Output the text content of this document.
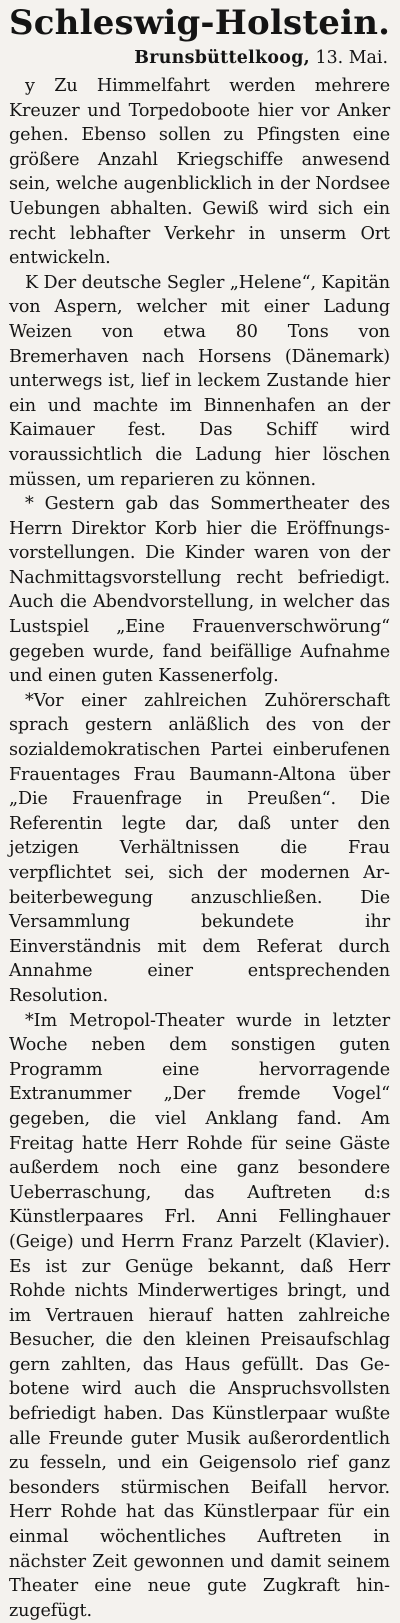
Schleswig-Holstein.
Brunsbüttelkoog, 13. Mai.

y Zu Himmelfahrt werden mehrere Kreuzer und Torpedoboote hier vor Anker gehen. Ebenso sollen zu Pfingsten eine größere Anzahl Kriegschiffe anwesend sein, welche augenblicklich in der Nordsee Uebungen abhalten. Gewiß wird sich ein recht lebhafter Verkehr in unserm Ort entwickeln.

K Der deutsche Segler „Helene“, Kapitän von Aspern, welcher mit einer Ladung Weizen von etwa 80 Tons von Bremerhaven nach Horsens (Dänemark) unterwegs ist, lief in leckem Zustande hier ein und machte im Binnenhafen an der Kaimauer fest. Das Schiff wird voraussichtlich die Ladung hier löschen müssen, um reparieren zu können.

* Gestern gab das Sommertheater des Herrn Direktor Korb hier die Eröffnungsvorstellungen. Die Kinder waren von der Nachmittagsvorstellung recht befriedigt. Auch die Abendvorstellung, in welcher das Lustspiel „Eine Frauenverschwörung“ gegeben wurde, fand beifällige Aufnahme und einen guten Kassenerfolg.

*Vor einer zahlreichen Zuhörerschaft sprach gestern anläßlich des von der sozialdemokratischen Partei einberufenen Frauentages Frau Baumann-Altona über „Die Frauenfrage in Preußen“. Die Referentin legte dar, daß unter den jetzigen Verhältnissen die Frau verpflichtet sei, sich der modernen Arbeiterbewegung anzuschließen. Die Versammlung bekundete ihr Einverständnis mit dem Referat durch Annahme einer entsprechenden Resolution.

*Im Metropol-Theater wurde in letzter Woche neben dem sonstigen guten Programm eine hervorragende Extranummer „Der fremde Vogel“ gegeben, die viel Anklang fand. Am Freitag hatte Herr Rohde für seine Gäste außerdem noch eine ganz besondere Ueberraschung, das Auftreten d:s Künstlerpaares Frl. Anni Fellinghauer (Geige) und Herrn Franz Parzelt (Klavier). Es ist zur Genüge bekannt, daß Herr Rohde nichts Minderwertiges bringt, und im Vertrauen hierauf hatten zahlreiche Besucher, die den kleinen Preisaufschlag gern zahlten, das Haus gefüllt. Das Gebotene wird auch die Anspruchsvollsten befriedigt haben. Das Künstlerpaar wußte alle Freunde guter Musik außerordentlich zu fesseln, und ein Geigensolo rief ganz besonders stürmischen Beifall hervor. Herr Rohde hat das Künstlerpaar für ein einmal wöchentliches Auftreten in nächster Zeit gewonnen und damit seinem Theater eine neue gute Zugkraft hinzugefügt.
